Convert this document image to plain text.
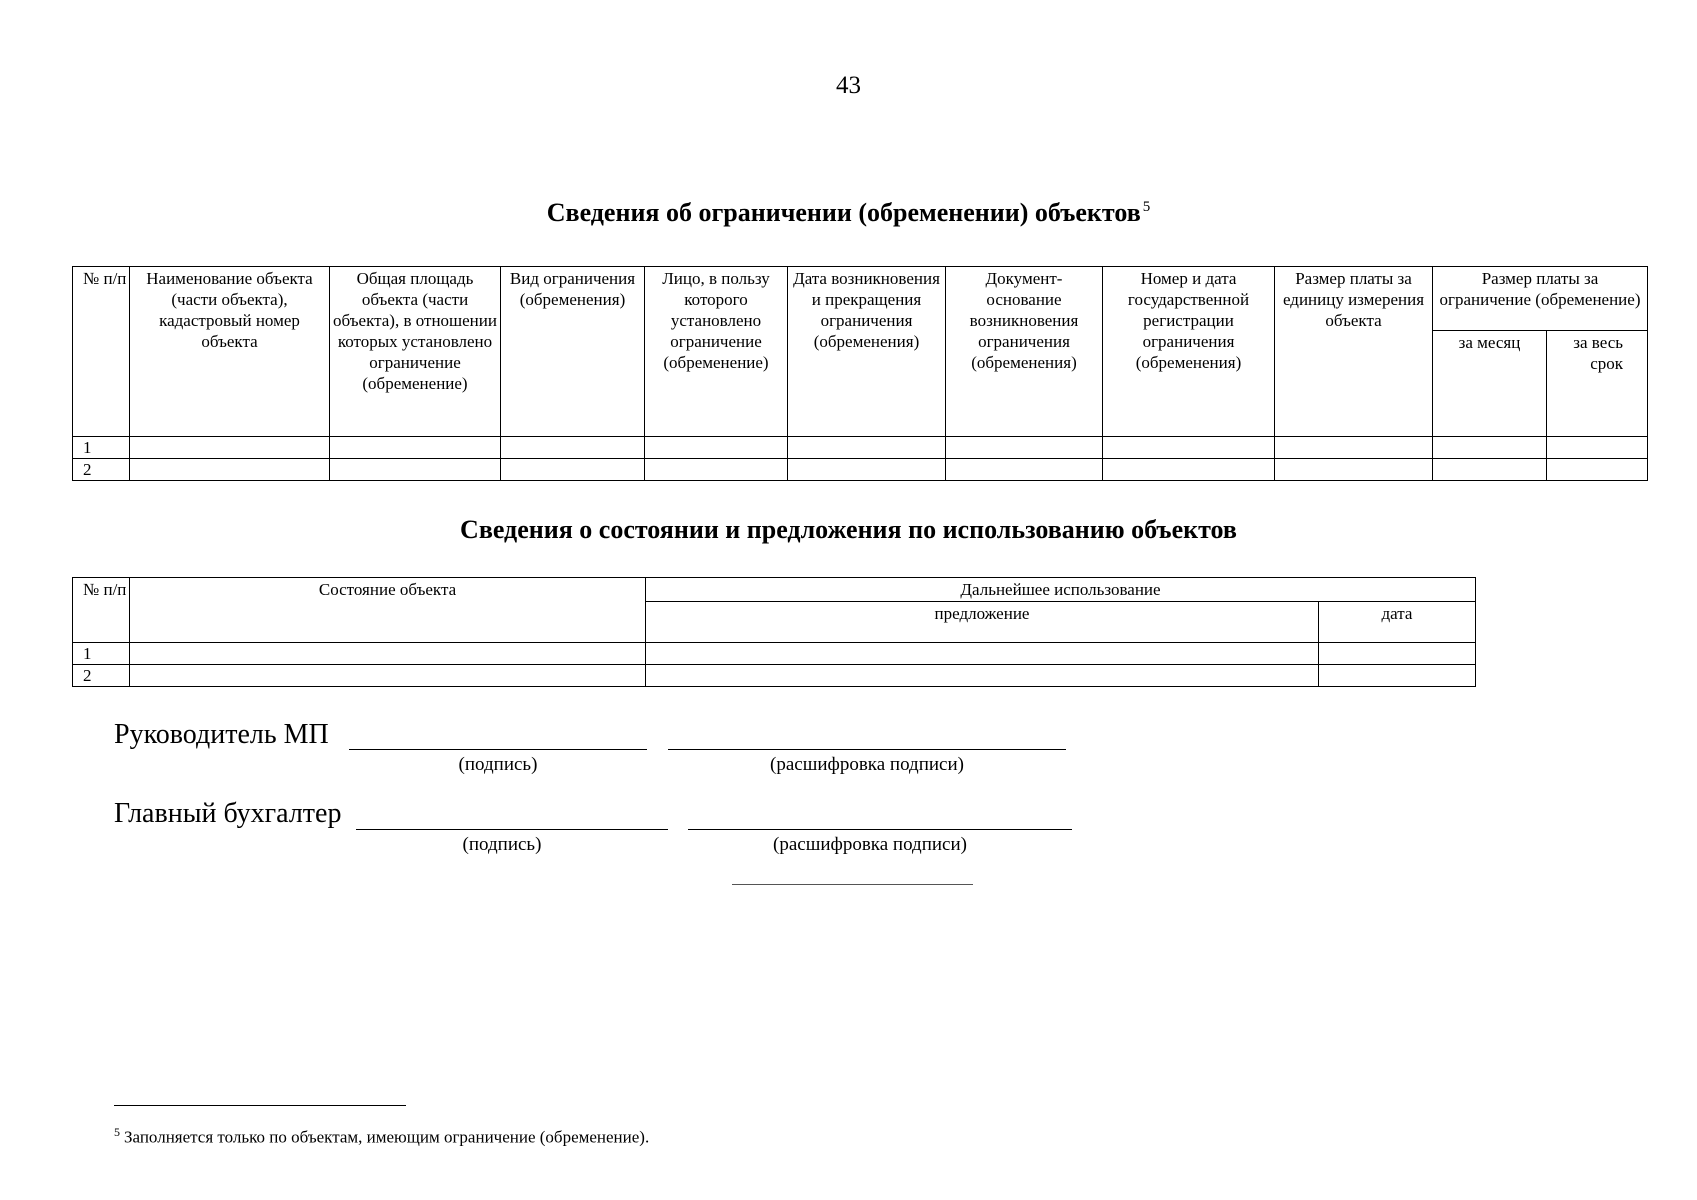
43
Сведения об ограничении (обременении) объектов $^5$
№ п/п	Наименование объекта (части объекта), кадастровый номер объекта	Общая площадь объекта (части объекта), в отношении которых установлено ограничение (обременение)	Вид ограничения (обременения)	Лицо, в пользу которого установлено ограничение (обременение)	Дата возникновения и прекращения ограничения (обременения)	Документ-основание возникновения ограничения (обременения)	Номер и дата государственной регистрации ограничения (обременения)	Размер платы за единицу измерения объекта	Размер платы за ограничение (обременение)	
									за месяц	за весь срок
1										
2										
Сведения о состоянии и предложения по использованию объектов
№ п/п	Состояние объекта	Дальнейшее использование	
		предложение	дата
1			
2			
Руководитель МП
(подпись)	(расшифровка подписи)
Главный бухгалтер
(подпись)	(расшифровка подписи)
$^5$ Заполняется только по объектам, имеющим ограничение (обременение).
